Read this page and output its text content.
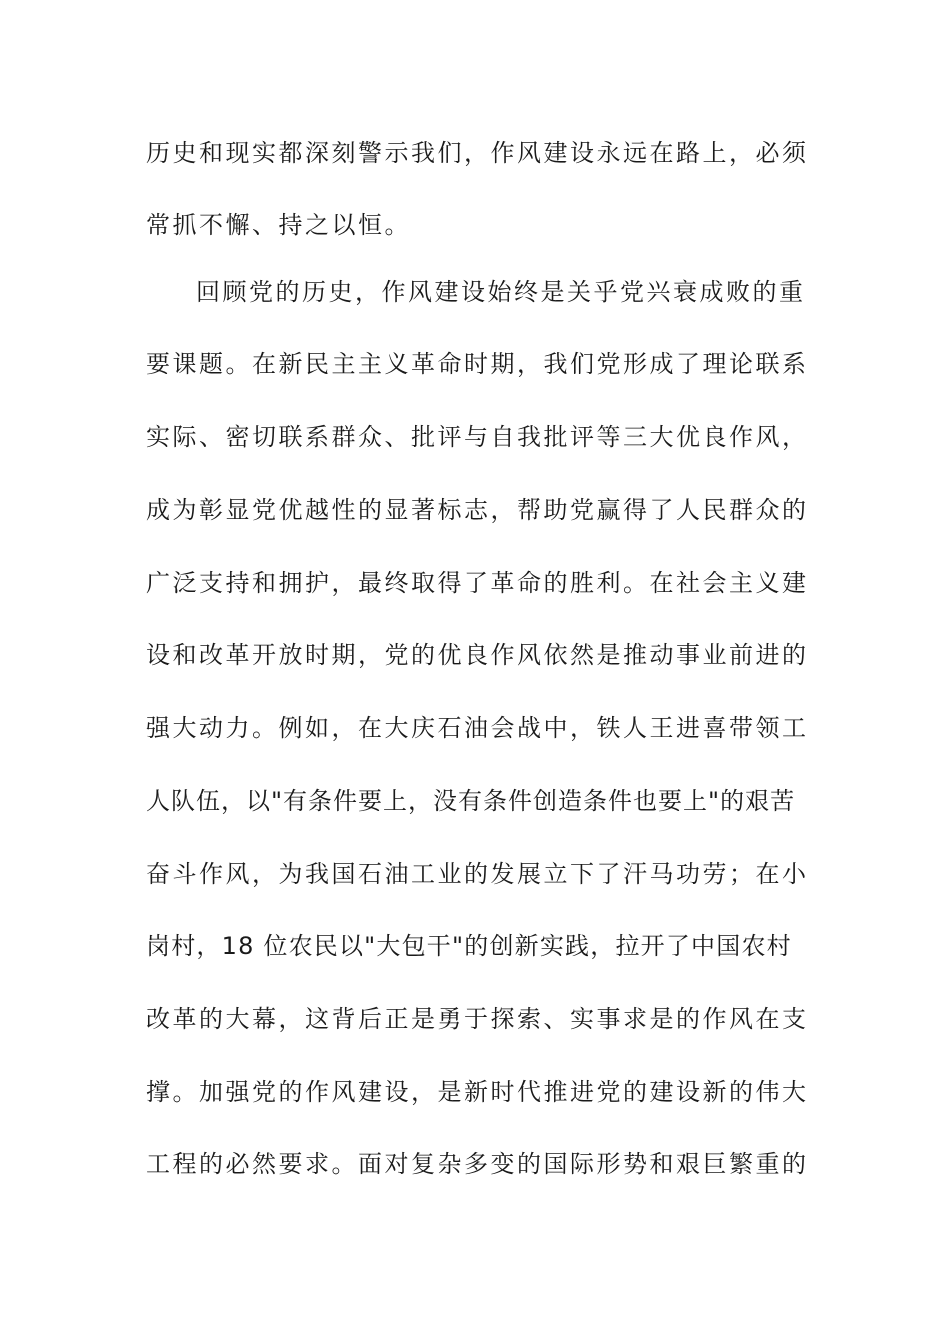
历史和现实都深刻警示我们，作风建设永远在路上，必须
常抓不懈、持之以恒。
回顾党的历史，作风建设始终是关乎党兴衰成败的重
要课题。在新民主主义革命时期，我们党形成了理论联系
实际、密切联系群众、批评与自我批评等三大优良作风，
成为彰显党优越性的显著标志，帮助党赢得了人民群众的
广泛支持和拥护，最终取得了革命的胜利。在社会主义建
设和改革开放时期，党的优良作风依然是推动事业前进的
强大动力。例如，在大庆石油会战中，铁人王进喜带领工
人队伍，以"有条件要上，没有条件创造条件也要上"的艰苦
奋斗作风，为我国石油工业的发展立下了汗马功劳；在小
岗村，18 位农民以"大包干"的创新实践，拉开了中国农村
改革的大幕，这背后正是勇于探索、实事求是的作风在支
撑。加强党的作风建设，是新时代推进党的建设新的伟大
工程的必然要求。面对复杂多变的国际形势和艰巨繁重的
